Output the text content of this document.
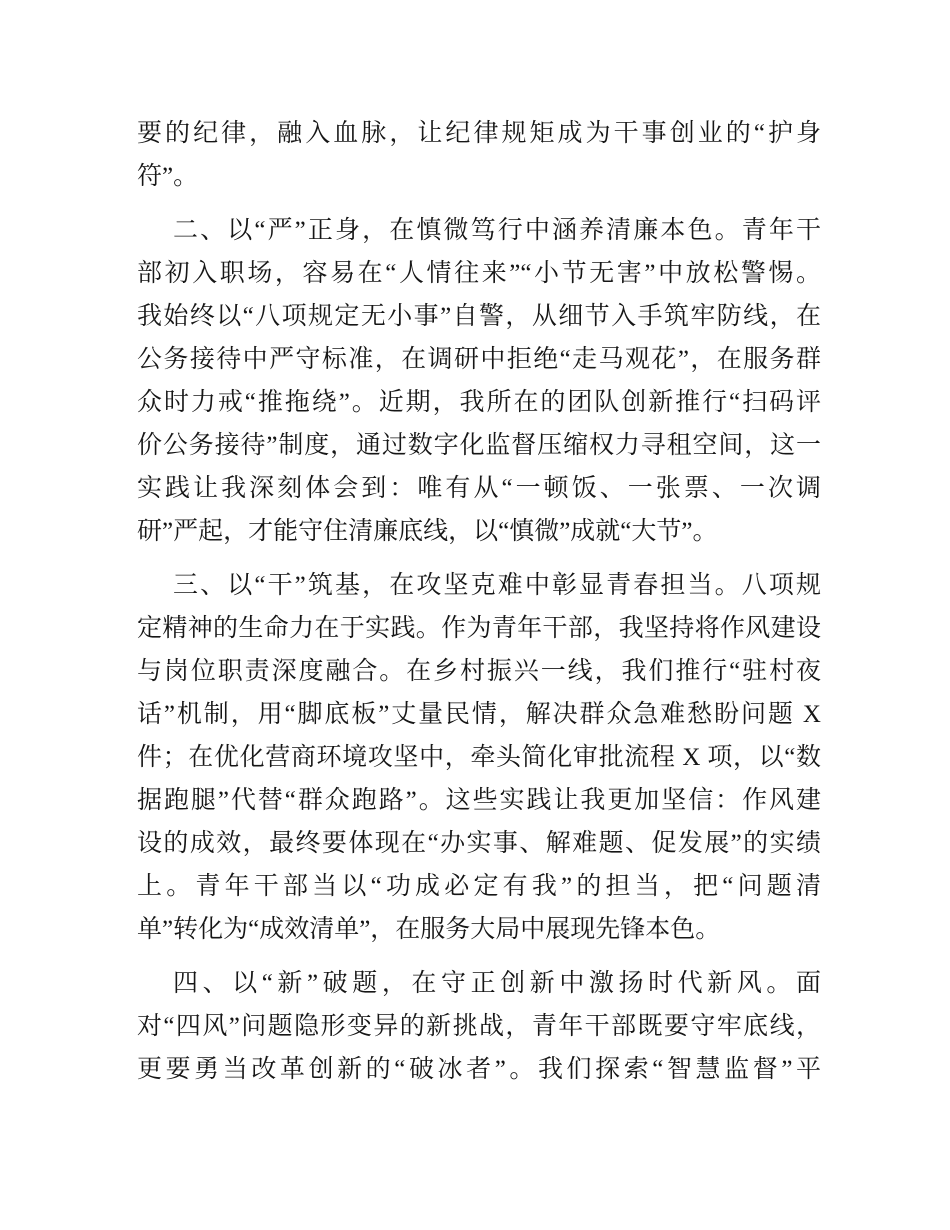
要的纪律，融入血脉，让纪律规矩成为干事创业的“护身
符”。

二、以“严”正身，在慎微笃行中涵养清廉本色。青年干
部初入职场，容易在“人情往来”“小节无害”中放松警惕。
我始终以“八项规定无小事”自警，从细节入手筑牢防线，在
公务接待中严守标准，在调研中拒绝“走马观花”，在服务群
众时力戒“推拖绕”。近期，我所在的团队创新推行“扫码评
价公务接待”制度，通过数字化监督压缩权力寻租空间，这一
实践让我深刻体会到：唯有从“一顿饭、一张票、一次调
研”严起，才能守住清廉底线，以“慎微”成就“大节”。

三、以“干”筑基，在攻坚克难中彰显青春担当。八项规
定精神的生命力在于实践。作为青年干部，我坚持将作风建设
与岗位职责深度融合。在乡村振兴一线，我们推行“驻村夜
话”机制，用“脚底板”丈量民情，解决群众急难愁盼问题 X
件；在优化营商环境攻坚中，牵头简化审批流程 X 项，以“数
据跑腿”代替“群众跑路”。这些实践让我更加坚信：作风建
设的成效，最终要体现在“办实事、解难题、促发展”的实绩
上。青年干部当以“功成必定有我”的担当，把“问题清
单”转化为“成效清单”，在服务大局中展现先锋本色。

四、以“新”破题，在守正创新中激扬时代新风。面
对“四风”问题隐形变异的新挑战，青年干部既要守牢底线，
更要勇当改革创新的“破冰者”。我们探索“智慧监督”平
